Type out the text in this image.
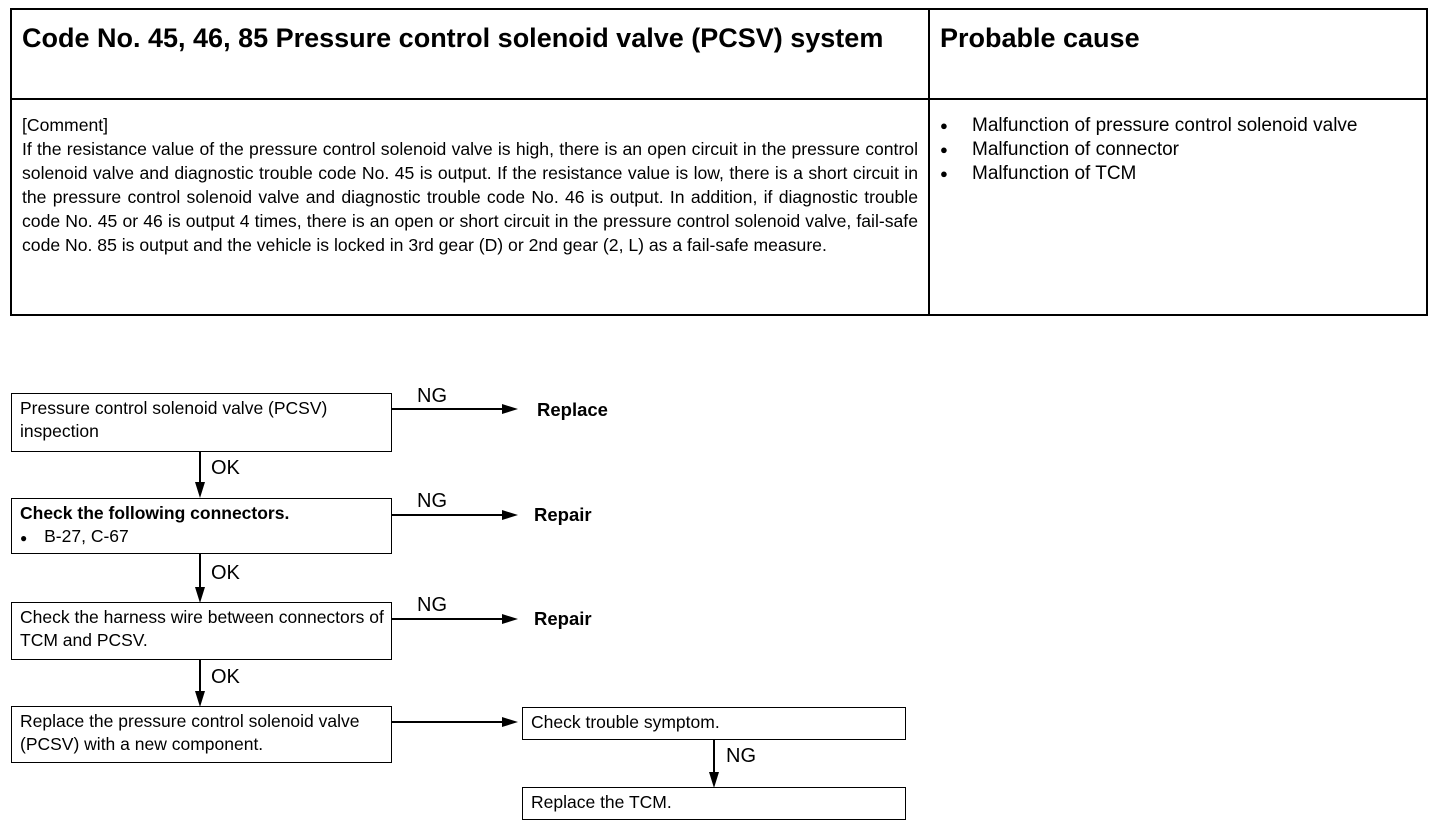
Code No. 45, 46, 85 Pressure control solenoid valve (PCSV) system	Probable cause
[Comment]
If the resistance value of the pressure control solenoid valve is high, there is an open circuit in the pressure control solenoid valve and diagnostic trouble code No. 45 is output. If the resistance value is low, there is a short circuit in the pressure control solenoid valve and diagnostic trouble code No. 46 is output. In addition, if diagnostic trouble code No. 45 or 46 is output 4 times, there is an open or short circuit in the pressure control solenoid valve, fail-safe code No. 85 is output and the vehicle is locked in 3rd gear (D) or 2nd gear (2, L) as a fail-safe measure.
● Malfunction of pressure control solenoid valve
● Malfunction of connector
● Malfunction of TCM
Pressure control solenoid valve (PCSV) inspection
NG
Replace
OK
Check the following connectors.
● B-27, C-67
NG
Repair
OK
Check the harness wire between connectors of TCM and PCSV.
NG
Repair
OK
Replace the pressure control solenoid valve (PCSV) with a new component.
Check trouble symptom.
NG
Replace the TCM.
